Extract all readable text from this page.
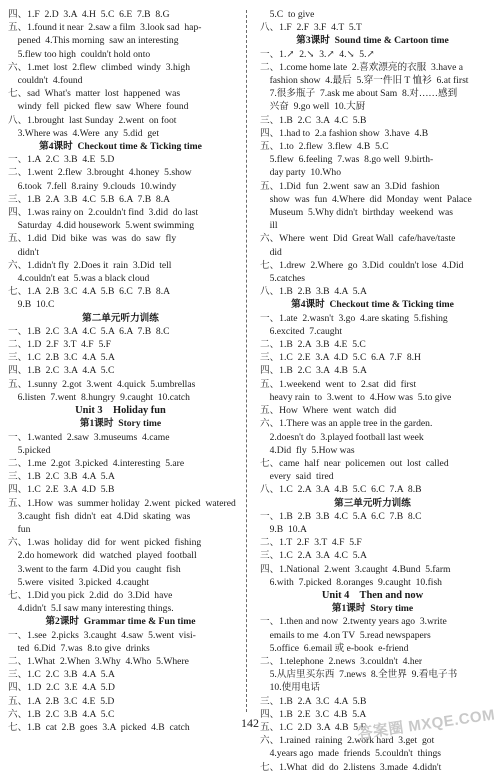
四、1.F  2.D  3.A  4.H  5.C  6.E  7.B  8.G
五、1.found it near  2.saw a film  3.look sad  hap-
pened  4.This morning  saw an interesting
5.flew too high  couldn't hold onto
六、1.met  lost  2.flew  climbed  windy  3.high
couldn't  4.found
七、sad  What's  matter  lost  happened  was
windy  fell  picked  flew  saw  Where  found
八、1.brought  last Sunday  2.went  on foot
3.Where was  4.Were  any  5.did  get
第4课时  Checkout time & Ticking time
一、1.A  2.C  3.B  4.E  5.D
二、1.went  2.flew  3.brought  4.honey  5.show
6.took  7.fell  8.rainy  9.clouds  10.windy
三、1.B  2.A  3.B  4.C  5.B  6.A  7.B  8.A
四、1.was rainy on  2.couldn't find  3.did  do last
Saturday  4.did housework  5.went swimming
五、1.did  Did  bike  was  was  do  saw  fly
didn't
六、1.didn't fly  2.Does it  rain  3.Did  tell
4.couldn't eat  5.was a black cloud
七、1.A  2.B  3.C  4.A  5.B  6.C  7.B  8.A
9.B  10.C
第二单元听力训练
一、1.B  2.C  3.A  4.C  5.A  6.A  7.B  8.C
二、1.D  2.F  3.T  4.F  5.F
三、1.C  2.B  3.C  4.A  5.A
四、1.B  2.C  3.A  4.A  5.C
五、1.sunny  2.got  3.went  4.quick  5.umbrellas
6.listen  7.went  8.hungry  9.caught  10.catch
Unit 3    Holiday fun
第1课时  Story time
一、1.wanted  2.saw  3.museums  4.came
5.picked
二、1.me  2.got  3.picked  4.interesting  5.are
三、1.B  2.C  3.B  4.A  5.A
四、1.C  2.E  3.A  4.D  5.B
五、1.How  was  summer holiday  2.went  picked  watered
3.caught  fish  didn't  eat  4.Did  skating  was
fun
六、1.was  holiday  did  for  went  picked  fishing
2.do homework  did  watched  played  football
3.went to the farm  4.Did you  caught  fish
5.were  visited  3.picked  4.caught
七、1.Did you pick  2.did  do  3.Did  have
4.didn't  5.I saw many interesting things.
第2课时  Grammar time & Fun time
一、1.see  2.picks  3.caught  4.saw  5.went  visi-
ted  6.Did  7.was  8.to give  drinks
二、1.What  2.When  3.Why  4.Who  5.Where
三、1.C  2.C  3.B  4.A  5.A
四、1.D  2.C  3.E  4.A  5.D
五、1.A  2.B  3.C  4.E  5.D
六、1.B  2.C  3.B  4.A  5.C
七、1.B  cat  2.B  goes  3.A  picked  4.B  catch
5.C  to give
八、1.F  2.F  3.F  4.T  5.T
第3课时  Sound time & Cartoon time
一、1.↗  2.↘  3.↗  4.↘  5.↗
二、1.come home late  2.喜欢漂亮的衣服  3.have a
fashion show  4.最后  5.穿一件旧 T 恤衫  6.at first
7.很多瓶子  7.ask me about Sam  8.对……感到
兴奋  9.go well  10.大厨
三、1.B  2.C  3.A  4.C  5.B
四、1.had to  2.a fashion show  3.have  4.B
五、1.to  2.flew  3.flew  4.B  5.C
5.flew  6.feeling  7.was  8.go well  9.birth-
day party  10.Who
五、1.Did  fun  2.went  saw an  3.Did  fashion
show  was  fun  4.Where  did  Monday  went  Palace
Museum  5.Why didn't  birthday  weekend  was
ill
六、Where  went  Did  Great Wall  cafe/have/taste
did
七、1.drew  2.Where  go  3.Did  couldn't lose  4.Did
5.catches
八、1.B  2.B  3.B  4.A  5.A
第4课时  Checkout time & Ticking time
一、1.ate  2.wasn't  3.go  4.are skating  5.fishing
6.excited  7.caught
二、1.B  2.A  3.B  4.E  5.C
三、1.C  2.E  3.A  4.D  5.C  6.A  7.F  8.H
四、1.B  2.C  3.A  4.B  5.A
五、1.weekend  went  to  2.sat  did  first
heavy rain  to  3.went  to  4.How was  5.to give
五、How  Where  went  watch  did
六、1.There was an apple tree in the garden.
2.doesn't do  3.played football last week
4.Did  fly  5.How was
七、came  half  near  policemen  out  lost  called
every  said  tired
八、1.C  2.A  3.A  4.B  5.C  6.C  7.A  8.B
第三单元听力训练
一、1.B  2.B  3.B  4.C  5.A  6.C  7.B  8.C
9.B  10.A
二、1.T  2.F  3.T  4.F  5.F
三、1.C  2.A  3.A  4.C  5.A
四、1.National  2.went  3.caught  4.Bund  5.farm
6.with  7.picked  8.oranges  9.caught  10.fish
Unit 4    Then and now
第1课时  Story time
一、1.then and now  2.twenty years ago  3.write
emails to me  4.on TV  5.read newspapers
5.office  6.email 或 e-book  e-friend
二、1.telephone  2.news  3.couldn't  4.her
5.从店里买东西  7.news  8.全世界  9.看电子书
10.使用电话
三、1.B  2.A  3.C  4.A  5.B
四、1.B  2.E  3.C  4.B  5.A
五、1.C  2.D  3.A  4.B  5.E
六、1.rained  raining  2.work hard  3.get  got
4.years ago  made  friends  5.couldn't  things
七、1.What  did  do  2.listens  3.made  4.didn't
142	答案圈 MXQE.COM
